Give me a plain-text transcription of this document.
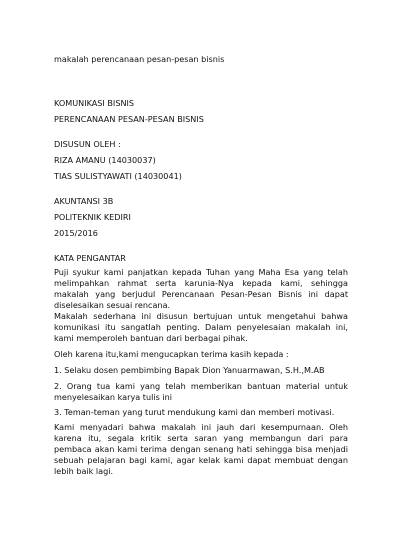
makalah perencanaan pesan-pesan bisnis

KOMUNIKASI BISNIS

PERENCANAAN PESAN-PESAN BISNIS

DISUSUN OLEH :

RIZA AMANU (14030037)

TIAS SULISTYAWATI (14030041)

AKUNTANSI 3B

POLITEKNIK KEDIRI

2015/2016

KATA PENGANTAR

Puji syukur kami panjatkan kepada Tuhan yang Maha Esa yang telah melimpahkan rahmat serta karunia-Nya kepada kami, sehingga makalah yang berjudul Perencanaan Pesan-Pesan Bisnis ini dapat diselesaikan sesuai rencana.

Makalah sederhana ini disusun bertujuan untuk mengetahui bahwa komunikasi itu sangatlah penting. Dalam penyelesaian makalah ini, kami memperoleh bantuan dari berbagai pihak.

Oleh karena itu,kami mengucapkan terima kasih kepada :

1. Selaku dosen pembimbing Bapak Dion Yanuarmawan, S.H.,M.AB

2. Orang tua kami yang telah memberikan bantuan material untuk menyelesaikan karya tulis ini

3. Teman-teman yang turut mendukung kami dan memberi motivasi.

Kami menyadari bahwa makalah ini jauh dari kesempurnaan. Oleh karena itu, segala kritik serta saran yang membangun dari para pembaca akan kami terima dengan senang hati sehingga bisa menjadi sebuah pelajaran bagi kami, agar kelak kami dapat membuat dengan lebih baik lagi.
